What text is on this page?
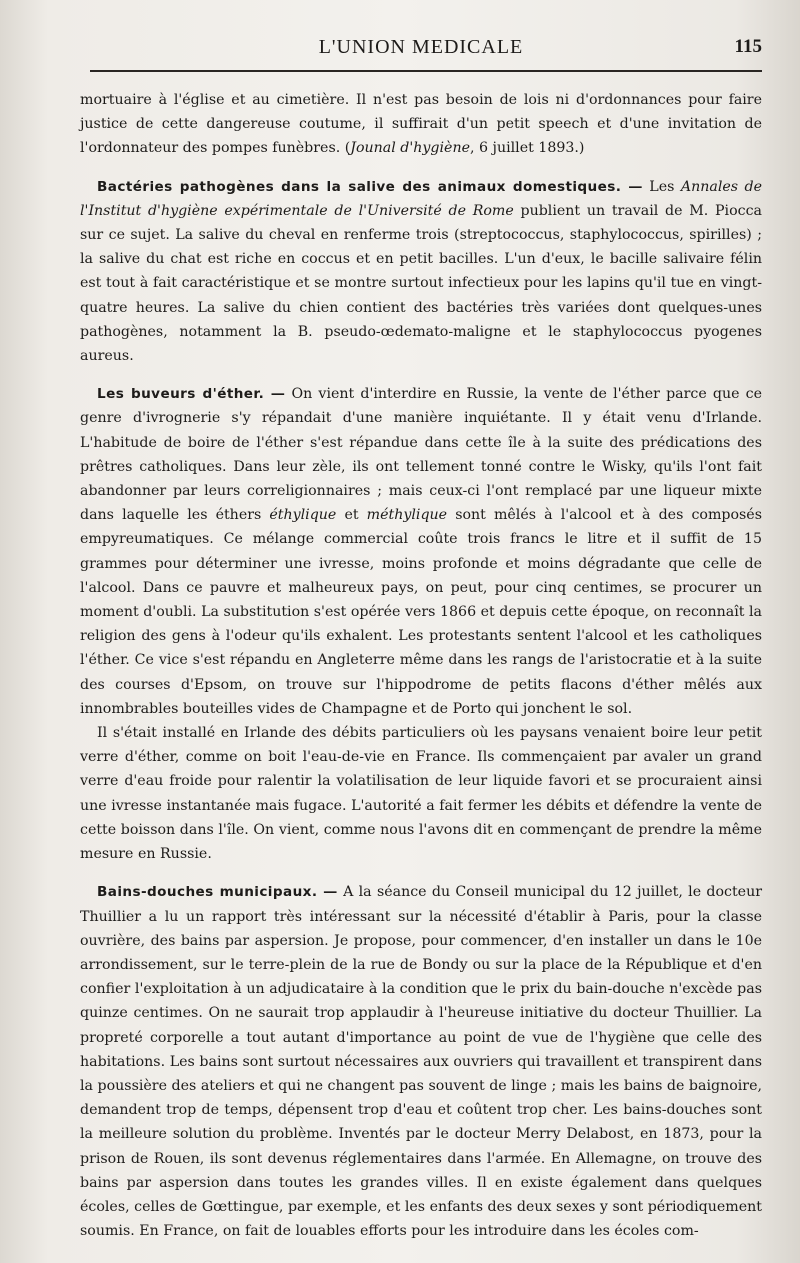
L'UNION MEDICALE	115

mortuaire à l'église et au cimetière. Il n'est pas besoin de lois ni d'ordonnances pour faire justice de cette dangereuse coutume, il suffirait d'un petit speech et d'une invitation de l'ordonnateur des pompes funèbres. (Jounal d'hygiène, 6 juillet 1893.)

Bactéries pathogènes dans la salive des animaux domestiques. — Les Annales de l'Institut d'hygiène expérimentale de l'Université de Rome publient un travail de M. Piocca sur ce sujet. La salive du cheval en renferme trois (streptococcus, staphylococcus, spirilles) ; la salive du chat est riche en coccus et en petit bacilles. L'un d'eux, le bacille salivaire félin est tout à fait caractéristique et se montre surtout infectieux pour les lapins qu'il tue en vingt-quatre heures. La salive du chien contient des bactéries très variées dont quelques-unes pathogènes, notamment la B. pseudo-œdemato-maligne et le staphylococcus pyogenes aureus.

Les buveurs d'éther. — On vient d'interdire en Russie, la vente de l'éther parce que ce genre d'ivrognerie s'y répandait d'une manière inquiétante. Il y était venu d'Irlande. L'habitude de boire de l'éther s'est répandue dans cette île à la suite des prédications des prêtres catholiques. Dans leur zèle, ils ont tellement tonné contre le Wisky, qu'ils l'ont fait abandonner par leurs correligionnaires ; mais ceux-ci l'ont remplacé par une liqueur mixte dans laquelle les éthers éthylique et méthylique sont mêlés à l'alcool et à des composés empyreumatiques. Ce mélange commercial coûte trois francs le litre et il suffit de 15 grammes pour déterminer une ivresse, moins profonde et moins dégradante que celle de l'alcool. Dans ce pauvre et malheureux pays, on peut, pour cinq centimes, se procurer un moment d'oubli. La substitution s'est opérée vers 1866 et depuis cette époque, on reconnaît la religion des gens à l'odeur qu'ils exhalent. Les protestants sentent l'alcool et les catholiques l'éther. Ce vice s'est répandu en Angleterre même dans les rangs de l'aristocratie et à la suite des courses d'Epsom, on trouve sur l'hippodrome de petits flacons d'éther mêlés aux innombrables bouteilles vides de Champagne et de Porto qui jonchent le sol.

Il s'était installé en Irlande des débits particuliers où les paysans venaient boire leur petit verre d'éther, comme on boit l'eau-de-vie en France. Ils commençaient par avaler un grand verre d'eau froide pour ralentir la volatilisation de leur liquide favori et se procuraient ainsi une ivresse instantanée mais fugace. L'autorité a fait fermer les débits et défendre la vente de cette boisson dans l'île. On vient, comme nous l'avons dit en commençant de prendre la même mesure en Russie.

Bains-douches municipaux. — A la séance du Conseil municipal du 12 juillet, le docteur Thuillier a lu un rapport très intéressant sur la nécessité d'établir à Paris, pour la classe ouvrière, des bains par aspersion. Je propose, pour commencer, d'en installer un dans le 10e arrondissement, sur le terre-plein de la rue de Bondy ou sur la place de la République et d'en confier l'exploitation à un adjudicataire à la condition que le prix du bain-douche n'excède pas quinze centimes. On ne saurait trop applaudir à l'heureuse initiative du docteur Thuillier. La propreté corporelle a tout autant d'importance au point de vue de l'hygiène que celle des habitations. Les bains sont surtout nécessaires aux ouvriers qui travaillent et transpirent dans la poussière des ateliers et qui ne changent pas souvent de linge ; mais les bains de baignoire, demandent trop de temps, dépensent trop d'eau et coûtent trop cher. Les bains-douches sont la meilleure solution du problème. Inventés par le docteur Merry Delabost, en 1873, pour la prison de Rouen, ils sont devenus réglementaires dans l'armée. En Allemagne, on trouve des bains par aspersion dans toutes les grandes villes. Il en existe également dans quelques écoles, celles de Gœttingue, par exemple, et les enfants des deux sexes y sont périodiquement soumis. En France, on fait de louables efforts pour les introduire dans les écoles com-
